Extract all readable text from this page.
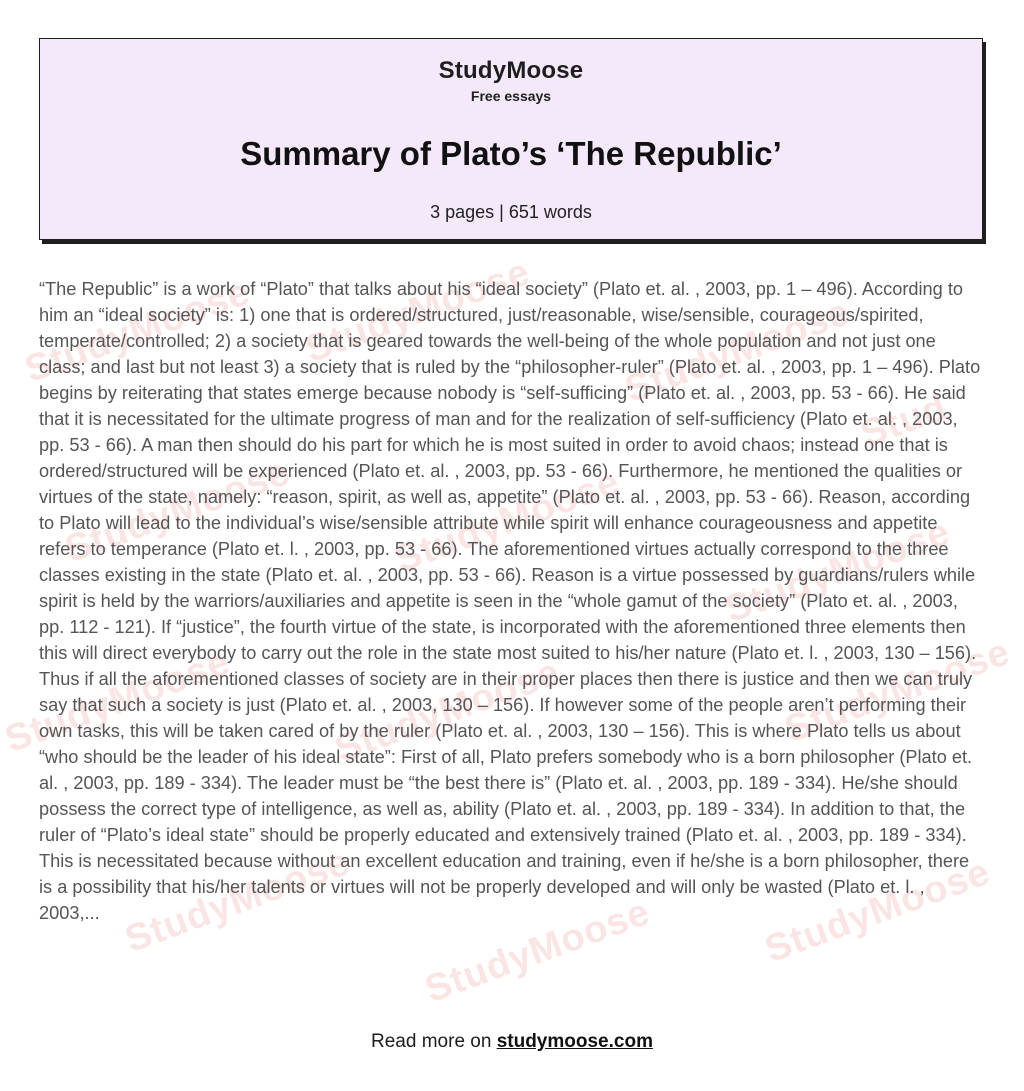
StudyMoose
Free essays
Summary of Plato’s ‘The Republic’
3 pages | 651 words
StudyMoose StudyMoose StudyMoose
Stud
StudyMoose StudyMoose StudyMoose
StudyMoose StudyMoose	StudyMoose
StudyMoose StudyMoose	StudyMoose

“The Republic” is a work of “Plato” that talks about his “ideal society” (Plato et. al. , 2003, pp. 1 – 496). According to him an “ideal society” is: 1) one that is ordered/structured, just/reasonable, wise/sensible, courageous/spirited, temperate/controlled; 2) a society that is geared towards the well-being of the whole population and not just one class; and last but not least 3) a society that is ruled by the “philosopher-ruler” (Plato et. al. , 2003, pp. 1 – 496). Plato begins by reiterating that states emerge because nobody is “self-sufficing” (Plato et. al. , 2003, pp. 53 - 66). He said that it is necessitated for the ultimate progress of man and for the realization of self-sufficiency (Plato et. al. , 2003, pp. 53 - 66). A man then should do his part for which he is most suited in order to avoid chaos; instead one that is ordered/structured will be experienced (Plato et. al. , 2003, pp. 53 - 66). Furthermore, he mentioned the qualities or virtues of the state, namely: “reason, spirit, as well as, appetite” (Plato et. al. , 2003, pp. 53 - 66). Reason, according to Plato will lead to the individual’s wise/sensible attribute while spirit will enhance courageousness and appetite refers to temperance (Plato et. l. , 2003, pp. 53 - 66). The aforementioned virtues actually correspond to the three classes existing in the state (Plato et. al. , 2003, pp. 53 - 66). Reason is a virtue possessed by guardians/rulers while spirit is held by the warriors/auxiliaries and appetite is seen in the “whole gamut of the society” (Plato et. al. , 2003, pp. 112 - 121). If “justice”, the fourth virtue of the state, is incorporated with the aforementioned three elements then this will direct everybody to carry out the role in the state most suited to his/her nature (Plato et. l. , 2003, 130 – 156). Thus if all the aforementioned classes of society are in their proper places then there is justice and then we can truly say that such a society is just (Plato et. al. , 2003, 130 – 156). If however some of the people aren’t performing their own tasks, this will be taken cared of by the ruler (Plato et. al. , 2003, 130 – 156). This is where Plato tells us about “who should be the leader of his ideal state”: First of all, Plato prefers somebody who is a born philosopher (Plato et. al. , 2003, pp. 189 - 334). The leader must be “the best there is” (Plato et. al. , 2003, pp. 189 - 334). He/she should possess the correct type of intelligence, as well as, ability (Plato et. al. , 2003, pp. 189 - 334). In addition to that, the ruler of “Plato’s ideal state” should be properly educated and extensively trained (Plato et. al. , 2003, pp. 189 - 334). This is necessitated because without an excellent education and training, even if he/she is a born philosopher, there is a possibility that his/her talents or virtues will not be properly developed and will only be wasted (Plato et. l. , 2003,...

Read more on studymoose.com
